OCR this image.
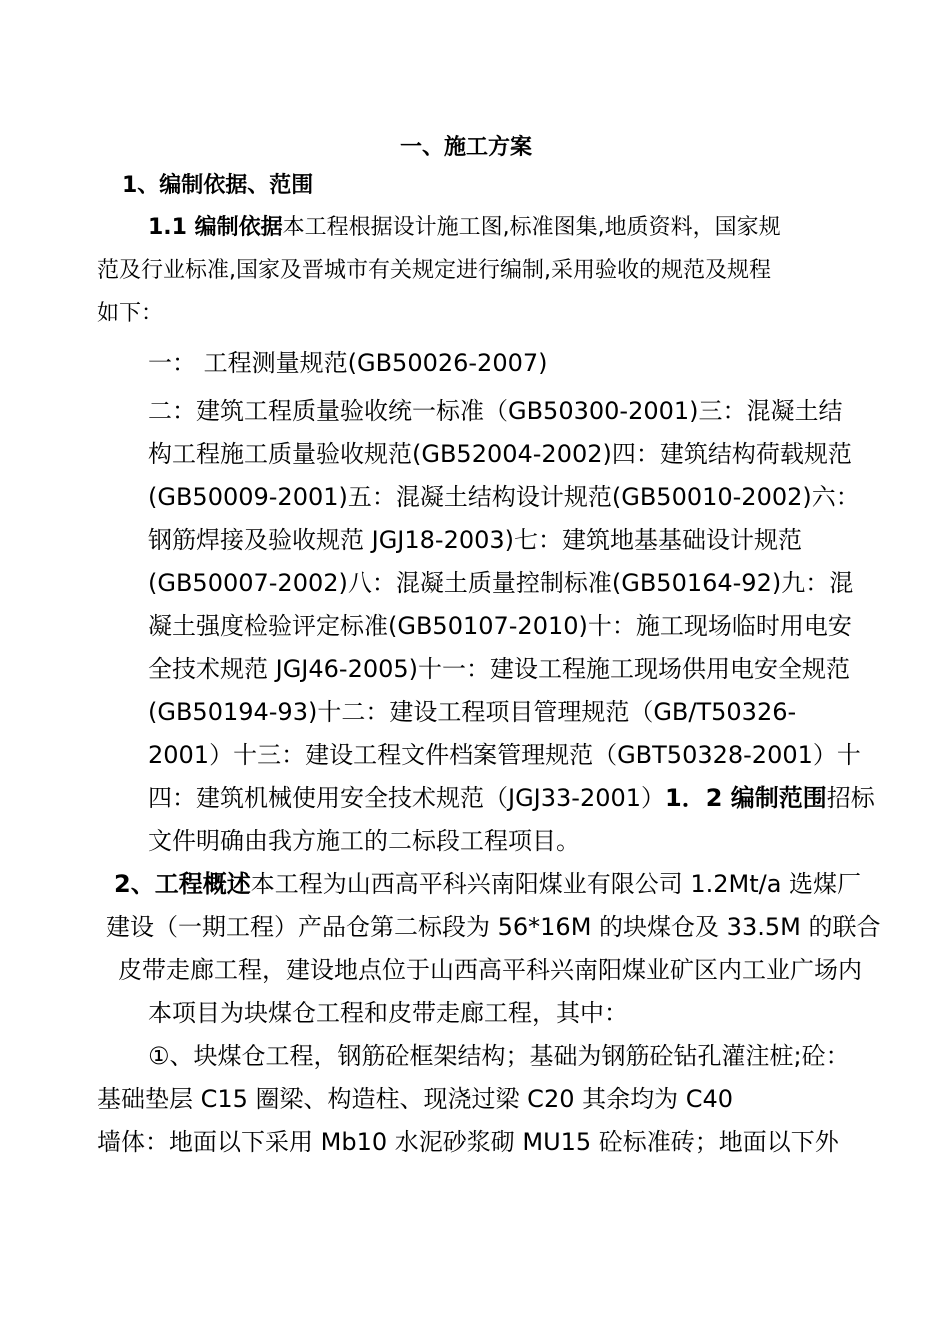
一、施工方案
1、编制依据、范围
1.1 编制依据本工程根据设计施工图,标准图集,地质资料，国家规
范及行业标准,国家及晋城市有关规定进行编制,采用验收的规范及规程
如下：
一： 工程测量规范(GB50026-2007)
二：建筑工程质量验收统一标准（GB50300-2001)三：混凝土结
构工程施工质量验收规范(GB52004-2002)四：建筑结构荷载规范
(GB50009-2001)五：混凝土结构设计规范(GB50010-2002)六：
钢筋焊接及验收规范 JGJ18-2003)七：建筑地基基础设计规范
(GB50007-2002)八：混凝土质量控制标准(GB50164-92)九：混
凝土强度检验评定标准(GB50107-2010)十：施工现场临时用电安
全技术规范 JGJ46-2005)十一：建设工程施工现场供用电安全规范
(GB50194-93)十二：建设工程项目管理规范（GB/T50326-
2001）十三：建设工程文件档案管理规范（GBT50328-2001）十
四：建筑机械使用安全技术规范（JGJ33-2001）1．2 编制范围招标
文件明确由我方施工的二标段工程项目。
2、工程概述本工程为山西高平科兴南阳煤业有限公司 1.2Mt/a 选煤厂
建设（一期工程）产品仓第二标段为 56*16M 的块煤仓及 33.5M 的联合
皮带走廊工程，建设地点位于山西高平科兴南阳煤业矿区内工业广场内
本项目为块煤仓工程和皮带走廊工程，其中：
①、块煤仓工程，钢筋砼框架结构；基础为钢筋砼钻孔灌注桩;砼：
基础垫层 C15 圈梁、构造柱、现浇过梁 C20 其余均为 C40
墙体：地面以下采用 Mb10 水泥砂浆砌 MU15 砼标准砖；地面以下外
